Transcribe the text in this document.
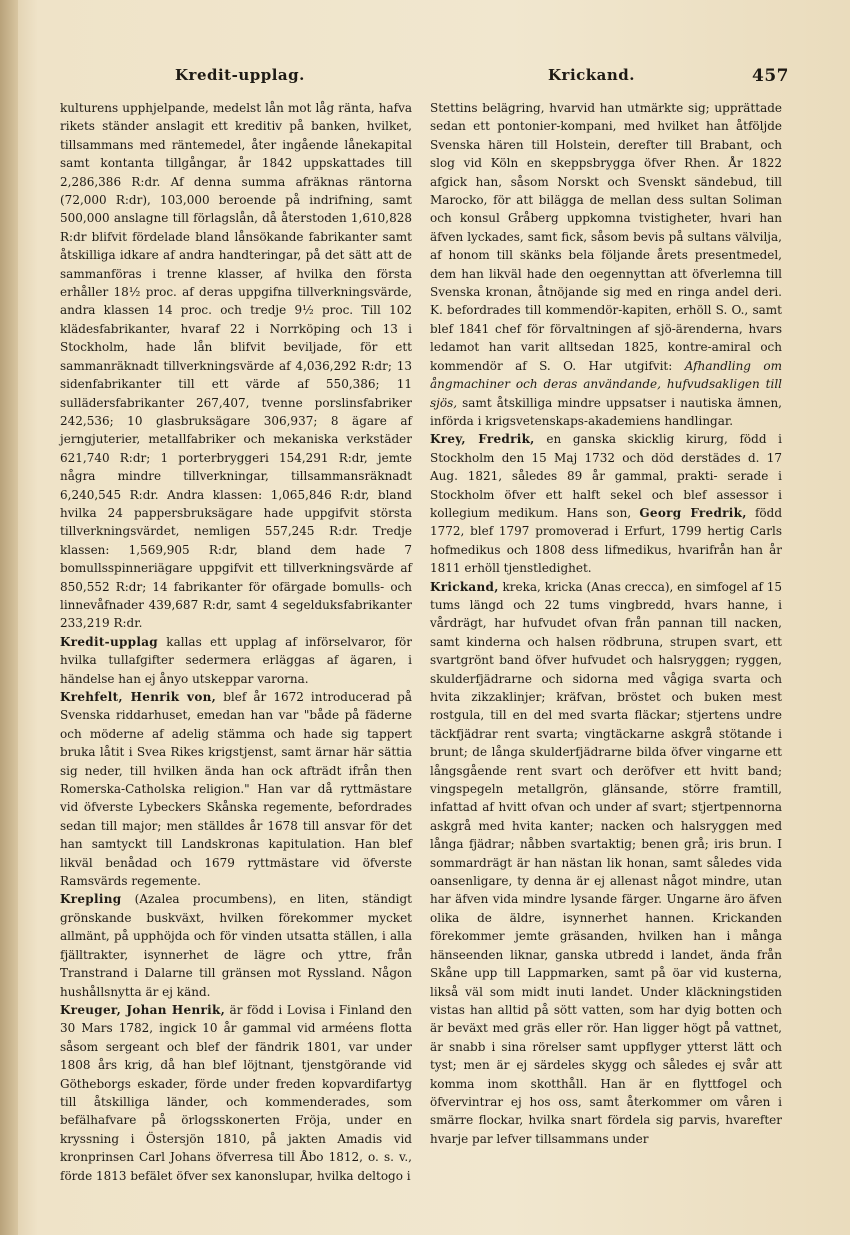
Kredit-upplag.	Krickand.	457

kulturens upphjelpande, medelst lån mot låg ränta, hafva rikets ständer anslagit ett kreditiv på banken, hvilket, tillsammans med räntemedel, åter ingående lånekapital samt kontanta tillgångar, år 1842 uppskattades till 2,286,386 R:dr. Af denna summa afräknas räntorna (72,000 R:dr), 103,000 beroende på indrifning, samt 500,000 anslagne till förlagslån, då återstoden 1,610,828 R:dr blifvit fördelade bland lånsökande fabrikanter samt åtskilliga idkare af andra handteringar, på det sätt att de sammanföras i trenne klasser, af hvilka den första erhåller 18½ proc. af deras uppgifna tillverkningsvärde, andra klassen 14 proc. och tredje 9½ proc. Till 102 klädesfabrikanter, hvaraf 22 i Norrköping och 13 i Stockholm, hade lån blifvit beviljade, för ett sammanräknadt tillverkningsvärde af 4,036,292 R:dr; 13 sidenfabrikanter till ett värde af 550,386; 11 sullädersfabrikanter 267,407, tvenne porslinsfabriker 242,536; 10 glasbruksägare 306,937; 8 ägare af jerngjuterier, metallfabriker och mekaniska verkstäder 621,740 R:dr; 1 porterbryggeri 154,291 R:dr, jemte några mindre tillverkningar, tillsammansräknadt 6,240,545 R:dr. Andra klassen: 1,065,846 R:dr, bland hvilka 24 pappersbruksägare hade uppgifvit största tillverkningsvärdet, nemligen 557,245 R:dr. Tredje klassen: 1,569,905 R:dr, bland dem hade 7 bomullsspinneriägare uppgifvit ett tillverkningsvärde af 850,552 R:dr; 14 fabrikanter för ofärgade bomulls- och linnevåfnader 439,687 R:dr, samt 4 segelduksfabrikanter 233,219 R:dr.

Kredit-upplag kallas ett upplag af införselvaror, för hvilka tullafgifter sedermera erläggas af ägaren, i händelse han ej ånyo utskeppar varorna.

Krehfelt, Henrik von, blef år 1672 introducerad på Svenska riddarhuset, emedan han var "både på fäderne och möderne af adelig stämma och hade sig tappert bruka låtit i Svea Rikes krigstjenst, samt ärnar här sättia sig neder, till hvilken ända han ock afträdt ifrån then Romerska-Catholska religion." Han var då ryttmästare vid öfverste Lybeckers Skånska regemente, befordrades sedan till major; men ställdes år 1678 till ansvar för det han samtyckt till Landskronas kapitulation. Han blef likväl benådad och 1679 ryttmästare vid öfverste Ramsvärds regemente.

Krepling (Azalea procumbens), en liten, ständigt grönskande buskväxt, hvilken förekommer mycket allmänt, på upphöjda och för vinden utsatta ställen, i alla fjälltrakter, isynnerhet de lägre och yttre, från Transtrand i Dalarne till gränsen mot Ryssland. Någon hushållsnytta är ej känd.

Kreuger, Johan Henrik, är född i Lovisa i Finland den 30 Mars 1782, ingick 10 år gammal vid arméens flotta såsom sergeant och blef der fändrik 1801, var under 1808 års krig, då han blef löjtnant, tjenstgörande vid Götheborgs eskader, förde under freden kopvardifartyg till åtskilliga länder, och kommenderades, som befälhafvare på örlogsskonerten Fröja, under en kryssning i Östersjön 1810, på jakten Amadis vid kronprinsen Carl Johans öfverresa till Åbo 1812, o. s. v., förde 1813 befälet öfver sex kanonslupar, hvilka deltogo i

Stettins belägring, hvarvid han utmärkte sig; upprättade sedan ett pontonier-kompani, med hvilket han åtföljde Svenska hären till Holstein, derefter till Brabant, och slog vid Köln en skeppsbrygga öfver Rhen. År 1822 afgick han, såsom Norskt och Svenskt sändebud, till Marocko, för att bilägga de mellan dess sultan Soliman och konsul Gråberg uppkomna tvistigheter, hvari han äfven lyckades, samt fick, såsom bevis på sultans välvilja, af honom till skänks bela följande årets presentmedel, dem han likväl hade den oegennyttan att öfverlemna till Svenska kronan, åtnöjande sig med en ringa andel deri. K. befordrades till kommendör-kapiten, erhöll S. O., samt blef 1841 chef för förvaltningen af sjö-ärenderna, hvars ledamot han varit alltsedan 1825, kontre-amiral och kommendör af S. O. Har utgifvit: Afhandling om ångmachiner och deras användande, hufvudsakligen till sjös, samt åtskilliga mindre uppsatser i nautiska ämnen, införda i krigsvetenskaps-akademiens handlingar.

Krey, Fredrik, en ganska skicklig kirurg, född i Stockholm den 15 Maj 1732 och död derstädes d. 17 Aug. 1821, således 89 år gammal, prakti- serade i Stockholm öfver ett halft sekel och blef assessor i kollegium medikum. Hans son, Georg Fredrik, född 1772, blef 1797 promoverad i Erfurt, 1799 hertig Carls hofmedikus och 1808 dess lifmedikus, hvarifrån han år 1811 erhöll tjenstledighet.

Krickand, kreka, kricka (Anas crecca), en simfogel af 15 tums längd och 22 tums vingbredd, hvars hanne, i vårdrägt, har hufvudet ofvan från pannan till nacken, samt kinderna och halsen rödbruna, strupen svart, ett svartgrönt band öfver hufvudet och halsryggen; ryggen, skulderfjädrarne och sidorna med vågiga svarta och hvita zikzaklinjer; kräfvan, bröstet och buken mest rostgula, till en del med svarta fläckar; stjertens undre täckfjädrar rent svarta; vingtäckarne askgrå stötande i brunt; de långa skulderfjädrarne bilda öfver vingarne ett långsgående rent svart och deröfver ett hvitt band; vingspegeln metallgrön, glänsande, större framtill, infattad af hvitt ofvan och under af svart; stjertpennorna askgrå med hvita kanter; nacken och halsryggen med långa fjädrar; nåbben svartaktig; benen grå; iris brun. I sommardrägt är han nästan lik honan, samt således vida oansenligare, ty denna är ej allenast något mindre, utan har äfven vida mindre lysande färger. Ungarne äro äfven olika de äldre, isynnerhet hannen. Krickanden förekommer jemte gräsanden, hvilken han i många hänseenden liknar, ganska utbredd i landet, ända från Skåne upp till Lappmarken, samt på öar vid kusterna, likså väl som midt inuti landet. Under kläckningstiden vistas han alltid på sött vatten, som har dyig botten och är beväxt med gräs eller rör. Han ligger högt på vattnet, är snabb i sina rörelser samt uppflyger ytterst lätt och tyst; men är ej särdeles skygg och således ej svår att komma inom skotthåll. Han är en flyttfogel och öfvervintrar ej hos oss, samt återkommer om våren i smärre flockar, hvilka snart fördela sig parvis, hvarefter hvarje par lefver tillsammans under
